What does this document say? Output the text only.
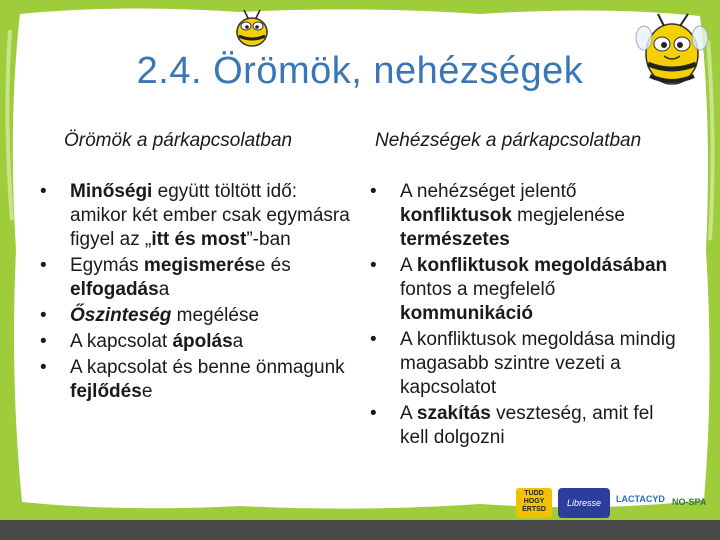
2.4. Örömök, nehézségek
Örömök a párkapcsolatban	Nehézségek a párkapcsolatban
• Minőségi együtt töltött idő: amikor két ember csak egymásra figyel az „itt és most”-ban
• Egymás megismerése és elfogadása
• Őszinteség megélése
• A kapcsolat ápolása
• A kapcsolat és benne önmagunk fejlődése
• A nehézséget jelentő konfliktusok megjelenése természetes
• A konfliktusok megoldásában fontos a megfelelő kommunikáció
• A konfliktusok megoldása mindig magasabb szintre vezeti a kapcsolatot
• A szakítás veszteség, amit fel kell dolgozni
TUDD HOGY ÉRTSD
Libresse	LACTACYD NO-SPA
